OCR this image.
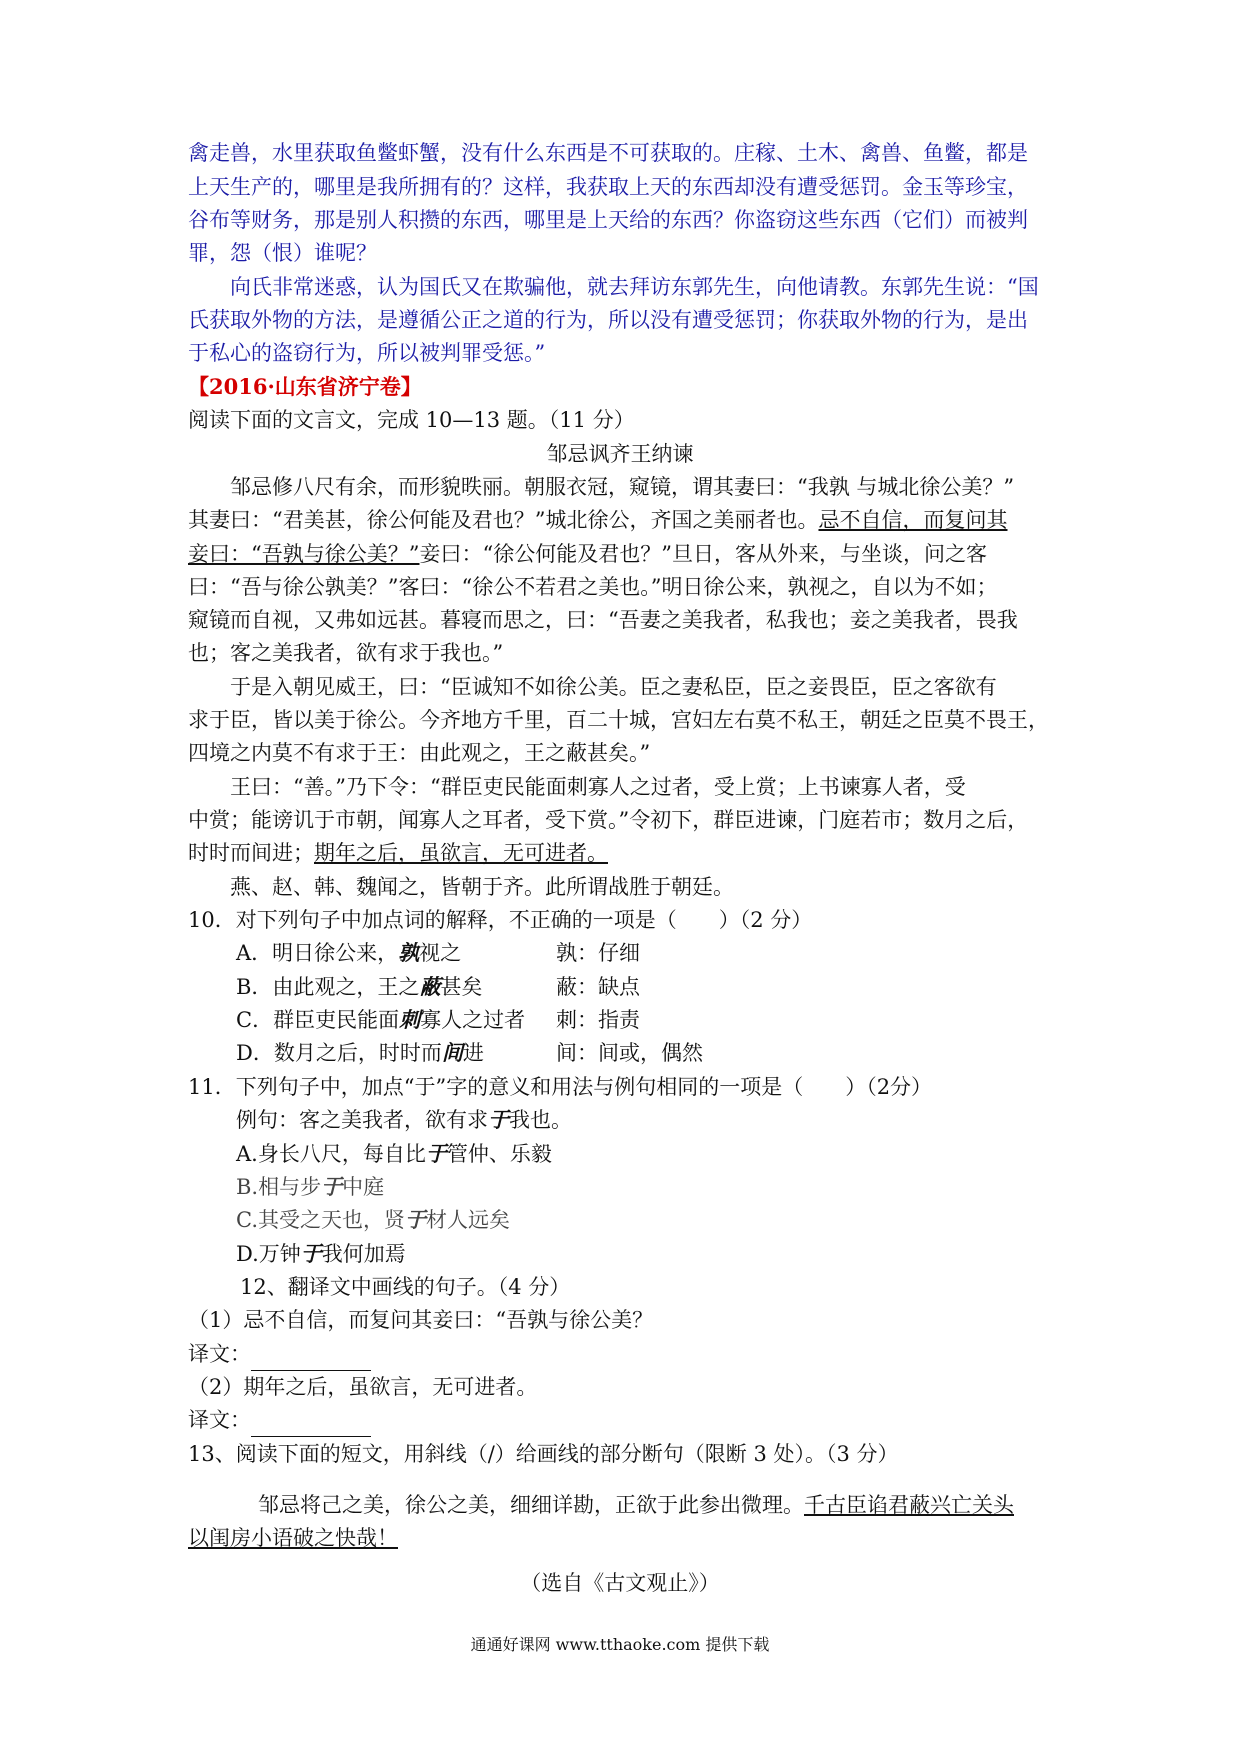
禽走兽，水里获取鱼鳖虾蟹，没有什么东西是不可获取的。庄稼、土木、禽兽、鱼鳖，都是
上天生产的，哪里是我所拥有的？这样，我获取上天的东西却没有遭受惩罚。金玉等珍宝，
谷布等财务，那是别人积攒的东西，哪里是上天给的东西？你盗窃这些东西（它们）而被判
罪，怨（恨）谁呢？
向氏非常迷惑，认为国氏又在欺骗他，就去拜访东郭先生，向他请教。东郭先生说：“国
氏获取外物的方法，是遵循公正之道的行为，所以没有遭受惩罚；你获取外物的行为，是出
于私心的盗窃行为，所以被判罪受惩。”
【2016·山东省济宁卷】
阅读下面的文言文，完成 10—13 题。（11 分）
邹忌讽齐王纳谏
邹忌修八尺有余，而形貌昳丽。朝服衣冠，窥镜，谓其妻曰：“我孰 与城北徐公美？”
其妻曰：“君美甚，徐公何能及君也？”城北徐公，齐国之美丽者也。忌不自信，而复问其
妾曰：“吾孰与徐公美？”妾曰：“徐公何能及君也？”旦日，客从外来，与坐谈，问之客
曰：“吾与徐公孰美？”客曰：“徐公不若君之美也。”明日徐公来，孰视之，自以为不如；
窥镜而自视，又弗如远甚。暮寝而思之，曰：“吾妻之美我者，私我也；妾之美我者，畏我
也；客之美我者，欲有求于我也。”
于是入朝见威王，曰：“臣诚知不如徐公美。臣之妻私臣，臣之妾畏臣，臣之客欲有
求于臣，皆以美于徐公。今齐地方千里，百二十城，宫妇左右莫不私王，朝廷之臣莫不畏王，
四境之内莫不有求于王：由此观之，王之蔽甚矣。”
王曰：“善。”乃下令：“群臣吏民能面刺寡人之过者，受上赏；上书谏寡人者，受
中赏；能谤讥于市朝，闻寡人之耳者，受下赏。”令初下，群臣进谏，门庭若市；数月之后，
时时而间进；期年之后，虽欲言，无可进者。
燕、赵、韩、魏闻之，皆朝于齐。此所谓战胜于朝廷。
10．对下列句子中加点词的解释，不正确的一项是（　　）（2 分）
A．明日徐公来，孰视之	孰：仔细
B．由此观之，王之蔽甚矣	蔽：缺点
C．群臣吏民能面刺寡人之过者	刺：指责
D．数月之后，时时而间进	间：间或，偶然
11．下列句子中，加点“于”字的意义和用法与例句相同的一项是（　　）（2分）
例句：客之美我者，欲有求于我也。
A.身长八尺，每自比于管仲、乐毅
B.相与步于中庭
C.其受之天也，贤于材人远矣
D.万钟于我何加焉
12、翻译文中画线的句子。（4 分）
（1）忌不自信，而复问其妾曰：“吾孰与徐公美？
译文：
（2）期年之后，虽欲言，无可进者。
译文：
13、阅读下面的短文，用斜线（/）给画线的部分断句（限断 3 处）。（3 分）
邹忌将己之美，徐公之美，细细详勘，正欲于此参出微理。千古臣谄君蔽兴亡关头
以闺房小语破之快哉！
（选自《古文观止》）
通通好课网 www.tthaoke.com 提供下载
